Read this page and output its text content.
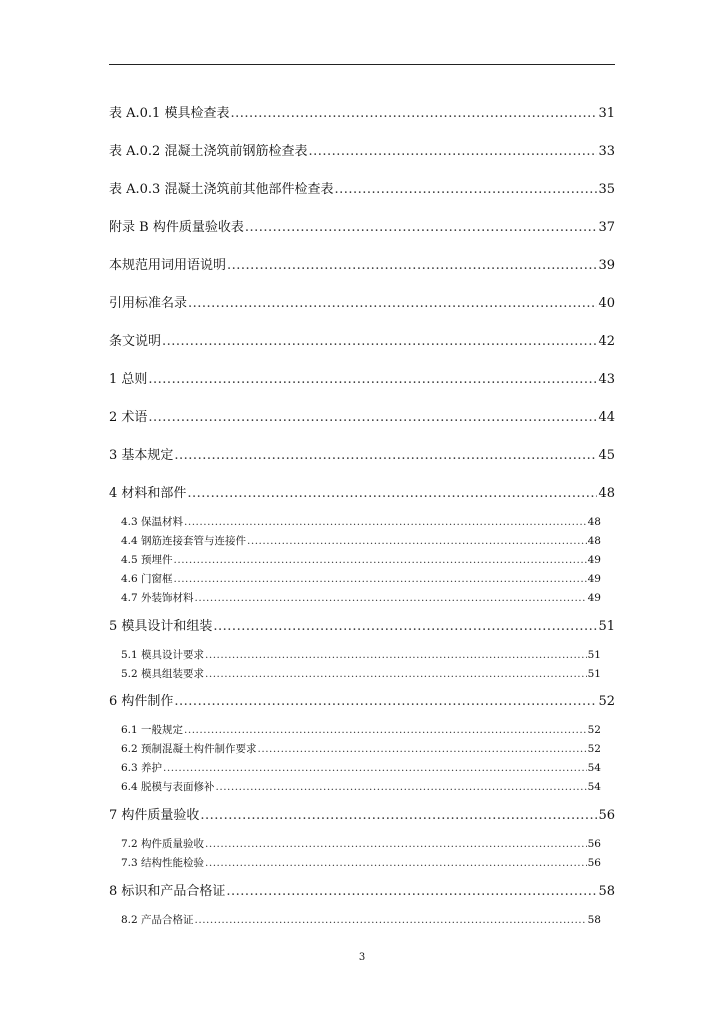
表 A.0.1 模具检查表 .....	31
表 A.0.2 混凝土浇筑前钢筋检查表 .....	33
表 A.0.3 混凝土浇筑前其他部件检查表 .....	35
附录 B 构件质量验收表 .....	37
本规范用词用语说明 .....	39
引用标准名录 .....	40
条文说明 .....	42
1 总则 .....	43
2 术语 .....	44
3 基本规定 .....	45
4 材料和部件 .....	48
4.3 保温材料 .....	48
4.4 钢筋连接套管与连接件 .....	48
4.5 预埋件 .....	49
4.6 门窗框 .....	49
4.7 外装饰材料 .....	49
5 模具设计和组装 .....	51
5.1 模具设计要求 .....	51
5.2 模具组装要求 .....	51
6 构件制作 .....	52
6.1 一般规定 .....	52
6.2 预制混凝土构件制作要求 .....	52
6.3 养护 .....	54
6.4 脱模与表面修补 .....	54
7 构件质量验收 .....	56
7.2 构件质量验收 .....	56
7.3 结构性能检验 .....	56
8 标识和产品合格证 .....	58
8.2 产品合格证 .....	58
3
